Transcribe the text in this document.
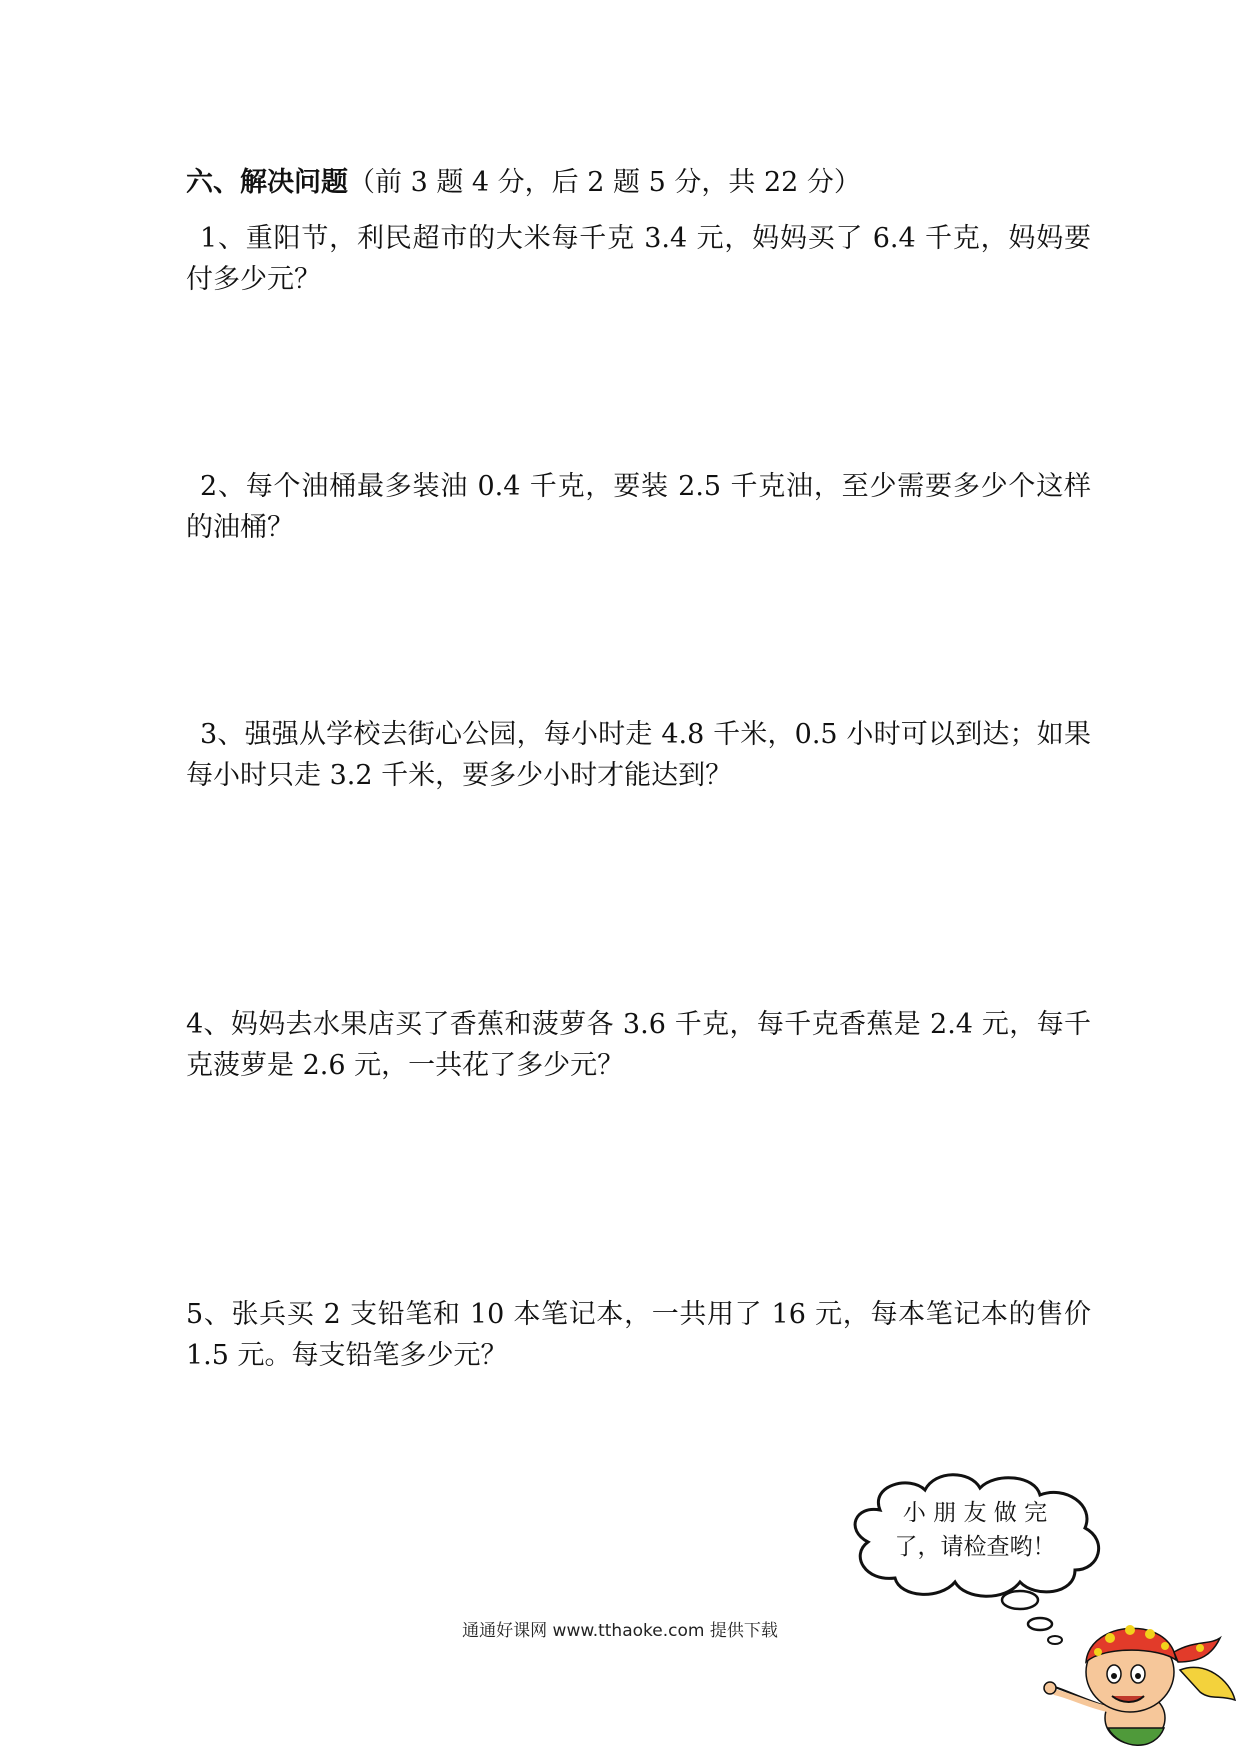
六、解决问题（前 3 题 4 分，后 2 题 5 分，共 22 分）
1、重阳节，利民超市的大米每千克 3.4 元，妈妈买了 6.4 千克，妈妈要付多少元？
2、每个油桶最多装油 0.4 千克，要装 2.5 千克油，至少需要多少个这样的油桶？
3、强强从学校去街心公园，每小时走 4.8 千米，0.5 小时可以到达；如果每小时只走 3.2 千米，要多少小时才能达到？
4、妈妈去水果店买了香蕉和菠萝各 3.6 千克，每千克香蕉是 2.4 元，每千克菠萝是 2.6 元，一共花了多少元？
5、张兵买 2 支铅笔和 10 本笔记本，一共用了 16 元，每本笔记本的售价 1.5 元。每支铅笔多少元？
小 朋 友 做 完
了，请检查哟！
通通好课网 www.tthaoke.com 提供下载
